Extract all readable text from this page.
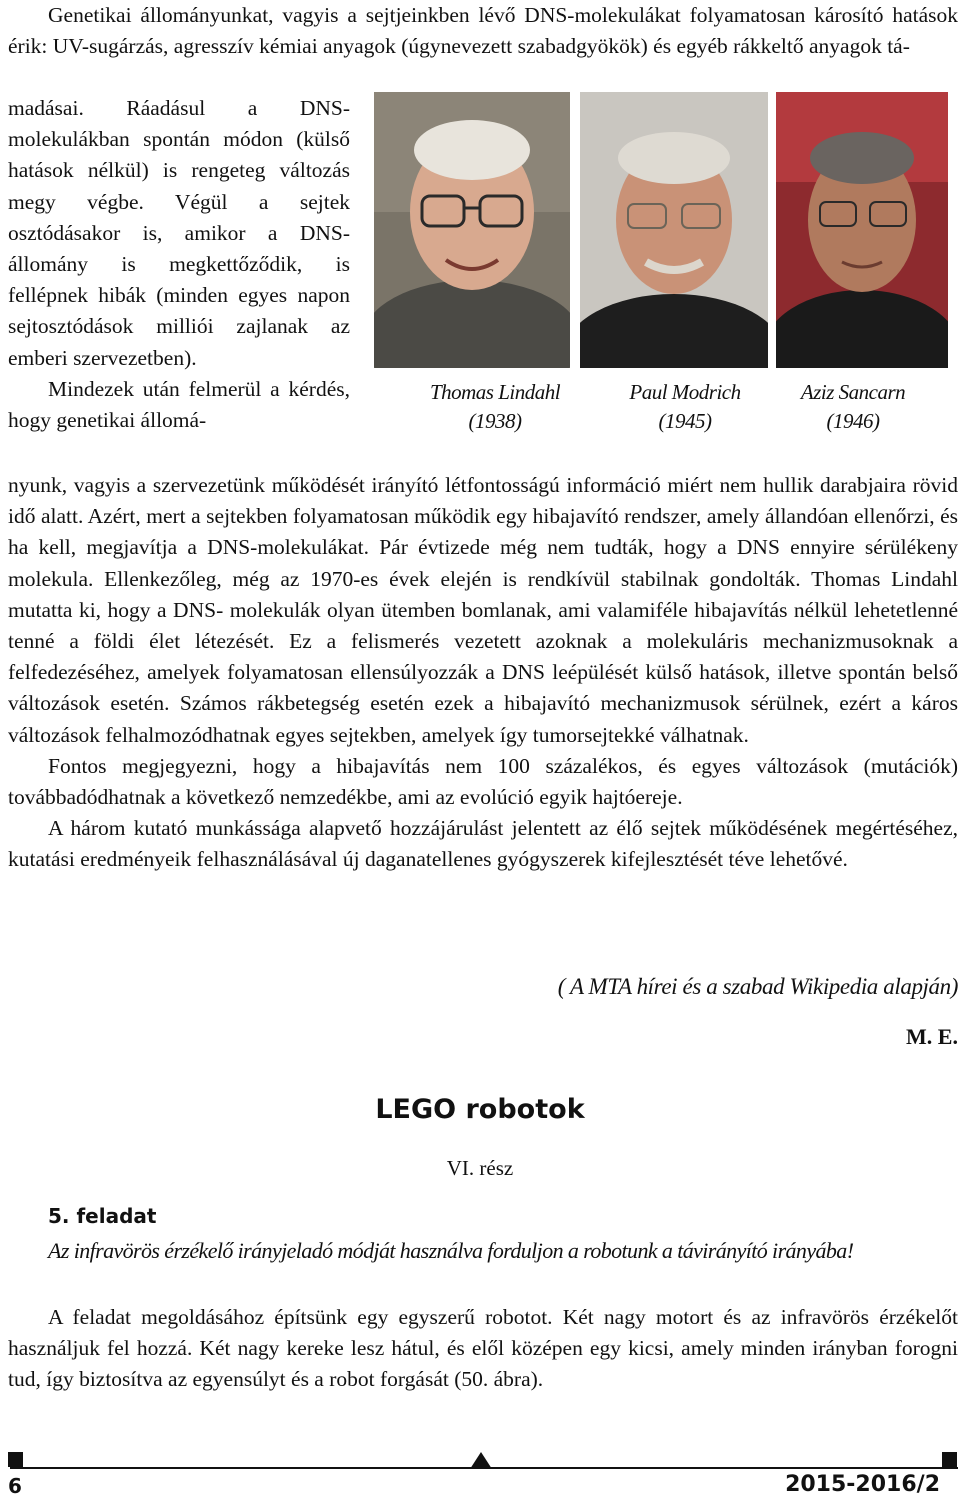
Genetikai állományunkat, vagyis a sejtjeinkben lévő DNS-molekulákat folyamatosan károsító hatások érik: UV-sugárzás, agresszív kémiai anyagok (úgynevezett szabadgyökök) és egyéb rákkeltő anyagok tá-

madásai. Ráadásul a DNS-molekulákban spontán módon (külső hatások nélkül) is rengeteg változás megy végbe. Végül a sejtek osztódásakor is, amikor a DNS-állomány is megkettőződik, is fellépnek hibák (minden egyes napon sejtosztódások milliói zajlanak az emberi szervezetben).

Mindezek után felmerül a kérdés, hogy genetikai állomá-

Thomas Lindahl
(1938)
Paul Modrich
(1945)
Aziz Sancarn
(1946)

nyunk, vagyis a szervezetünk működését irányító létfontosságú információ miért nem hullik darabjaira rövid idő alatt. Azért, mert a sejtekben folyamatosan működik egy hibajavító rendszer, amely állandóan ellenőrzi, és ha kell, megjavítja a DNS-molekulákat. Pár évtizede még nem tudták, hogy a DNS ennyire sérülékeny molekula. Ellenkezőleg, még az 1970-es évek elején is rendkívül stabilnak gondolták. Thomas Lindahl mutatta ki, hogy a DNS- molekulák olyan ütemben bomlanak, ami valamiféle hibajavítás nélkül lehetetlenné tenné a földi élet létezését. Ez a felismerés vezetett azoknak a molekuláris mechanizmusoknak a felfedezéséhez, amelyek folyamatosan ellensúlyozzák a DNS leépülését külső hatások, illetve spontán belső változások esetén. Számos rákbetegség esetén ezek a hibajavító mechanizmusok sérülnek, ezért a káros változások felhalmozódhatnak egyes sejtekben, amelyek így tumorsejtekké válhatnak.

Fontos megjegyezni, hogy a hibajavítás nem 100 százalékos, és egyes változások (mutációk) továbbadódhatnak a következő nemzedékbe, ami az evolúció egyik hajtóereje.

A három kutató munkássága alapvető hozzájárulást jelentett az élő sejtek működésének megértéséhez, kutatási eredményeik felhasználásával új daganatellenes gyógyszerek kifejlesztését téve lehetővé.

( A MTA hírei és a szabad Wikipedia alapján)
M. E.
LEGO robotok
VI. rész
5. feladat
Az infravörös érzékelő irányjeladó módját használva forduljon a robotunk a távirányító irányába!

A feladat megoldásához építsünk egy egyszerű robotot. Két nagy motort és az infravörös érzékelőt használjuk fel hozzá. Két nagy kereke lesz hátul, és elől középen egy kicsi, amely minden irányban forogni tud, így biztosítva az egyensúlyt és a robot forgását (50. ábra).

6	2015-2016/2
